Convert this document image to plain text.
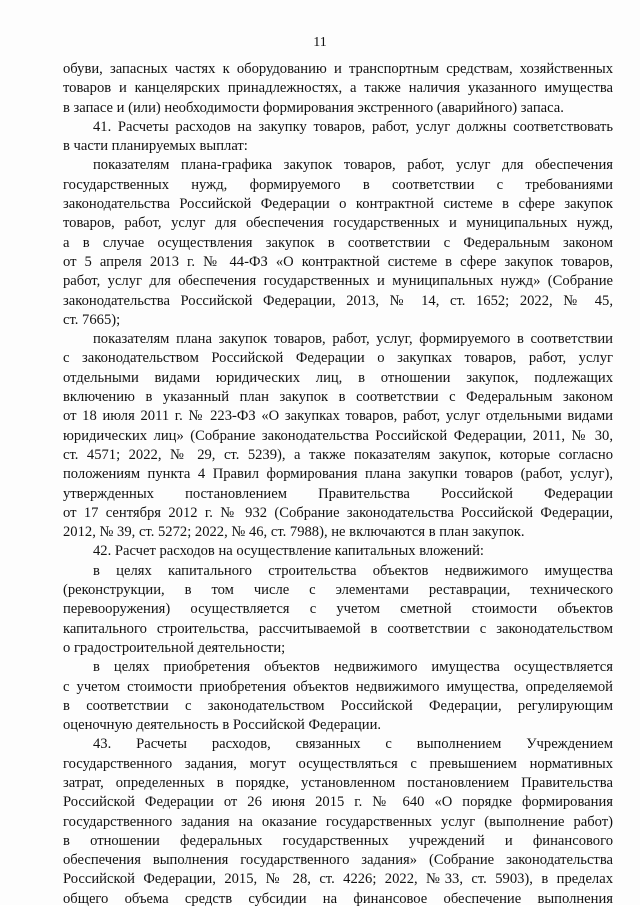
11
обуви, запасных частях к оборудованию и транспортным средствам, хозяйственных
товаров и канцелярских принадлежностях, а также наличия указанного имущества
в запасе и (или) необходимости формирования экстренного (аварийного) запаса.
41. Расчеты расходов на закупку товаров, работ, услуг должны соответствовать
в части планируемых выплат:
показателям плана-графика закупок товаров, работ, услуг для обеспечения
государственных нужд, формируемого в соответствии с требованиями
законодательства Российской Федерации о контрактной системе в сфере закупок
товаров, работ, услуг для обеспечения государственных и муниципальных нужд,
а в случае осуществления закупок в соответствии с Федеральным законом
от 5 апреля 2013 г. № 44-ФЗ «О контрактной системе в сфере закупок товаров,
работ, услуг для обеспечения государственных и муниципальных нужд» (Собрание
законодательства Российской Федерации, 2013, № 14, ст. 1652; 2022, № 45,
ст. 7665);
показателям плана закупок товаров, работ, услуг, формируемого в соответствии
с законодательством Российской Федерации о закупках товаров, работ, услуг
отдельными видами юридических лиц, в отношении закупок, подлежащих
включению в указанный план закупок в соответствии с Федеральным законом
от 18 июля 2011 г. № 223-ФЗ «О закупках товаров, работ, услуг отдельными видами
юридических лиц» (Собрание законодательства Российской Федерации, 2011, № 30,
ст. 4571; 2022, № 29, ст. 5239), а также показателям закупок, которые согласно
положениям пункта 4 Правил формирования плана закупки товаров (работ, услуг),
утвержденных постановлением Правительства Российской Федерации
от 17 сентября 2012 г. № 932 (Собрание законодательства Российской Федерации,
2012, № 39, ст. 5272; 2022, № 46, ст. 7988), не включаются в план закупок.
42. Расчет расходов на осуществление капитальных вложений:
в целях капитального строительства объектов недвижимого имущества
(реконструкции, в том числе с элементами реставрации, технического
перевооружения) осуществляется с учетом сметной стоимости объектов
капитального строительства, рассчитываемой в соответствии с законодательством
о градостроительной деятельности;
в целях приобретения объектов недвижимого имущества осуществляется
с учетом стоимости приобретения объектов недвижимого имущества, определяемой
в соответствии с законодательством Российской Федерации, регулирующим
оценочную деятельность в Российской Федерации.
43. Расчеты расходов, связанных с выполнением Учреждением
государственного задания, могут осуществляться с превышением нормативных
затрат, определенных в порядке, установленном постановлением Правительства
Российской Федерации от 26 июня 2015 г. № 640 «О порядке формирования
государственного задания на оказание государственных услуг (выполнение работ)
в отношении федеральных государственных учреждений и финансового
обеспечения выполнения государственного задания» (Собрание законодательства
Российской Федерации, 2015, № 28, ст. 4226; 2022, №33, ст. 5903), в пределах
общего объема средств субсидии на финансовое обеспечение выполнения
